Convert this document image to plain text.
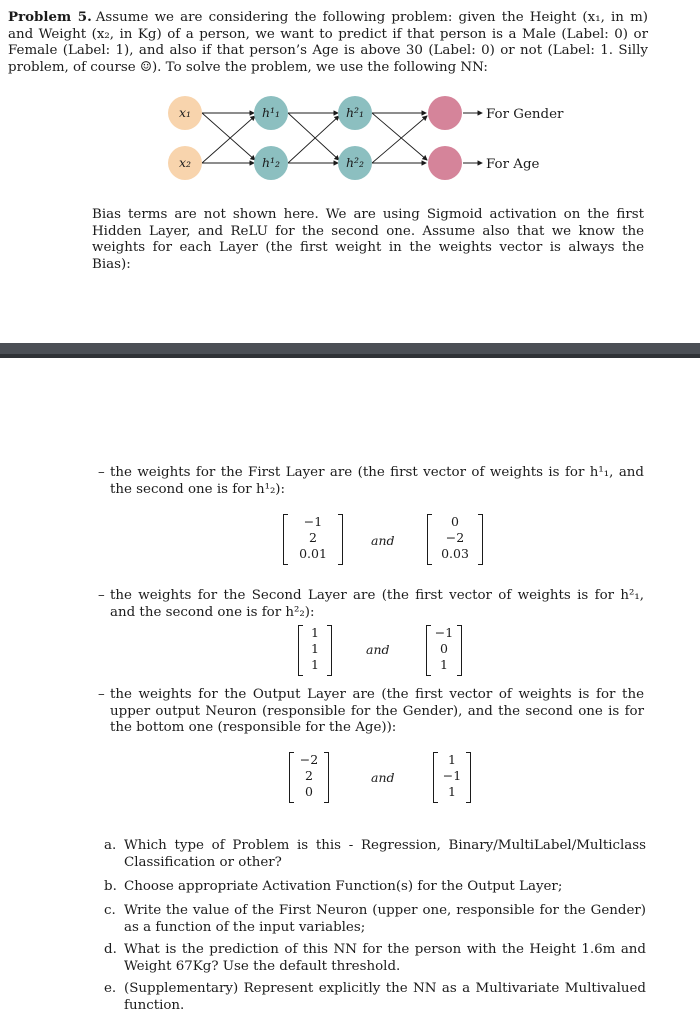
Problem 5. Assume we are considering the following problem: given the Height (x₁, in m) and Weight (x₂, in Kg) of a person, we want to predict if that person is a Male (Label: 0) or Female (Label: 1), and also if that person’s Age is above 30 (Label: 0) or not (Label: 1. Silly problem, of course ☺). To solve the problem, we use the following NN:
x₁
x₂
h¹₁
h¹₂
h²₁
h²₂
For Gender
For Age
Bias terms are not shown here. We are using Sigmoid activation on the first Hidden Layer, and ReLU for the second one. Assume also that we know the weights for each Layer (the first weight in the weights vector is always the Bias):
– the weights for the First Layer are (the first vector of weights is for h¹₁, and the second one is for h¹₂):
−1
2
0.01
and
0
−2
0.03
– the weights for the Second Layer are (the first vector of weights is for h²₁, and the second one is for h²₂):
1
1
1
and
−1
0
1
– the weights for the Output Layer are (the first vector of weights is for the upper output Neuron (responsible for the Gender), and the second one is for the bottom one (responsible for the Age)):
−2
2
0
and
1
−1
1
a. Which type of Problem is this - Regression, Binary/MultiLabel/Multiclass Classification or other?
b. Choose appropriate Activation Function(s) for the Output Layer;
c. Write the value of the First Neuron (upper one, responsible for the Gender) as a function of the input variables;
d. What is the prediction of this NN for the person with the Height 1.6m and Weight 67Kg? Use the default threshold.
e. (Supplementary) Represent explicitly the NN as a Multivariate Multivalued function.
